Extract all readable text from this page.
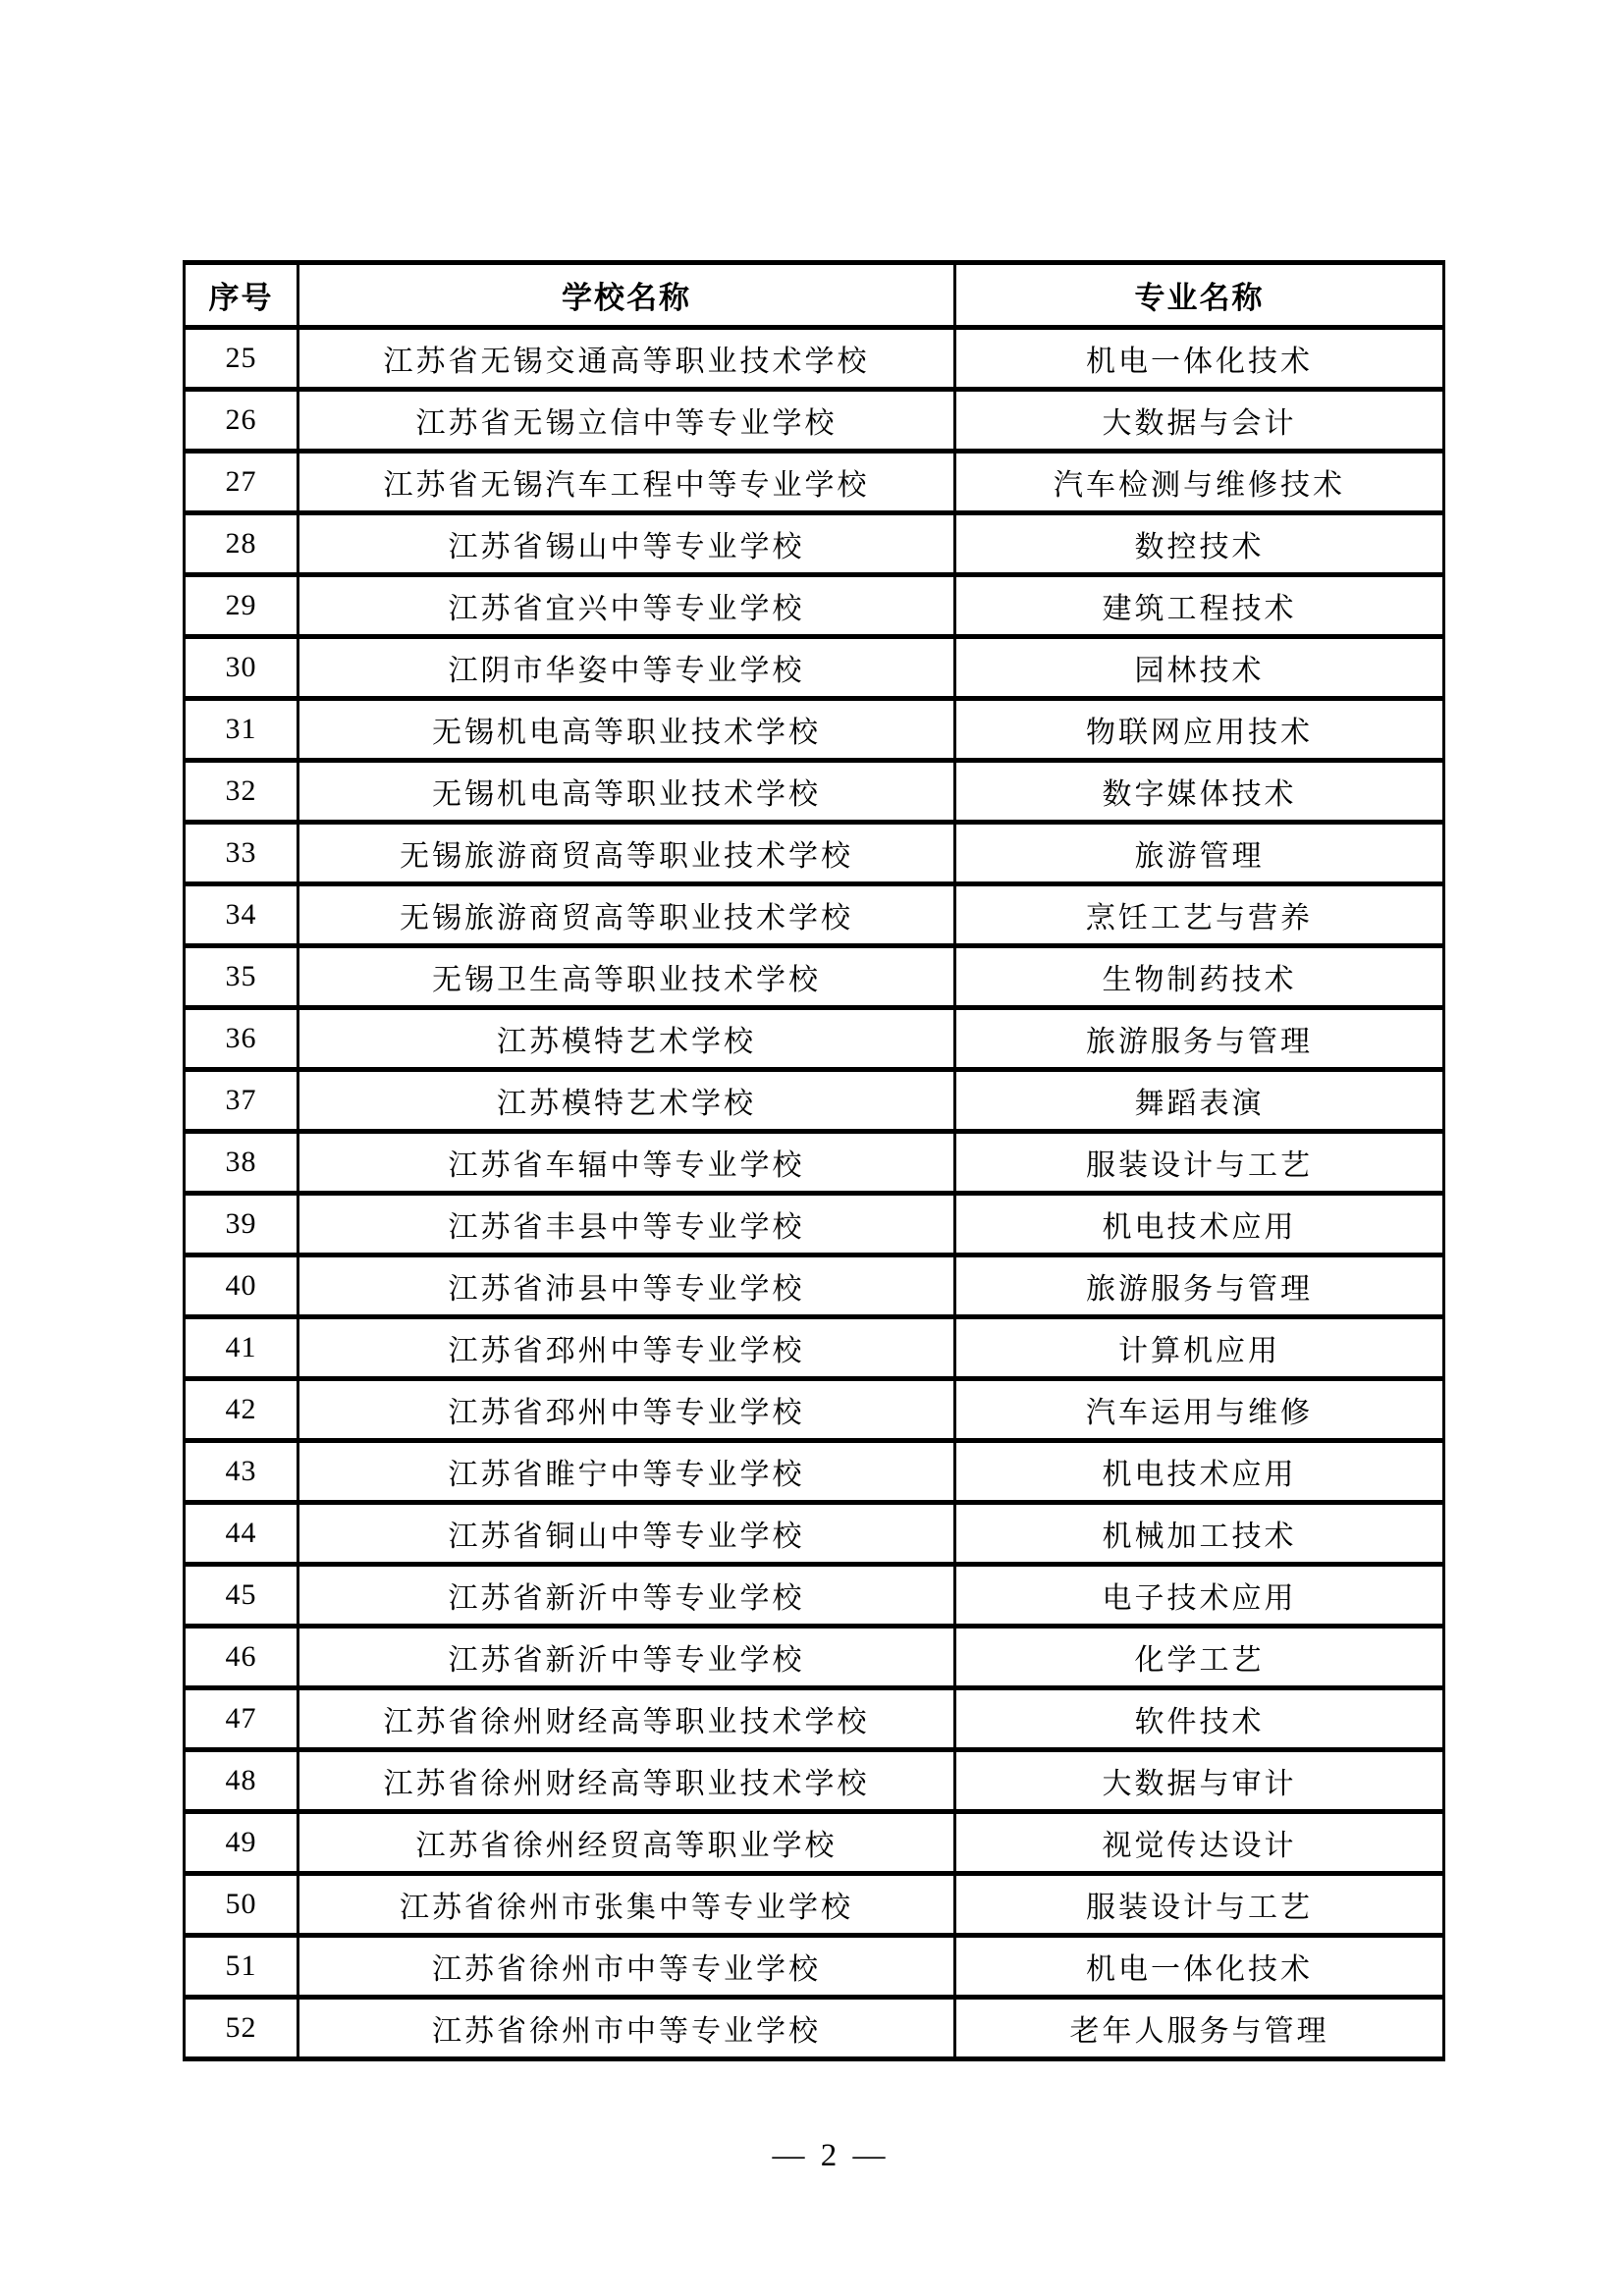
序号	学校名称	专业名称
25	江苏省无锡交通高等职业技术学校	机电一体化技术
26	江苏省无锡立信中等专业学校	大数据与会计
27	江苏省无锡汽车工程中等专业学校	汽车检测与维修技术
28	江苏省锡山中等专业学校	数控技术
29	江苏省宜兴中等专业学校	建筑工程技术
30	江阴市华姿中等专业学校	园林技术
31	无锡机电高等职业技术学校	物联网应用技术
32	无锡机电高等职业技术学校	数字媒体技术
33	无锡旅游商贸高等职业技术学校	旅游管理
34	无锡旅游商贸高等职业技术学校	烹饪工艺与营养
35	无锡卫生高等职业技术学校	生物制药技术
36	江苏模特艺术学校	旅游服务与管理
37	江苏模特艺术学校	舞蹈表演
38	江苏省车辐中等专业学校	服装设计与工艺
39	江苏省丰县中等专业学校	机电技术应用
40	江苏省沛县中等专业学校	旅游服务与管理
41	江苏省邳州中等专业学校	计算机应用
42	江苏省邳州中等专业学校	汽车运用与维修
43	江苏省睢宁中等专业学校	机电技术应用
44	江苏省铜山中等专业学校	机械加工技术
45	江苏省新沂中等专业学校	电子技术应用
46	江苏省新沂中等专业学校	化学工艺
47	江苏省徐州财经高等职业技术学校	软件技术
48	江苏省徐州财经高等职业技术学校	大数据与审计
49	江苏省徐州经贸高等职业学校	视觉传达设计
50	江苏省徐州市张集中等专业学校	服装设计与工艺
51	江苏省徐州市中等专业学校	机电一体化技术
52	江苏省徐州市中等专业学校	老年人服务与管理
— 2 —
